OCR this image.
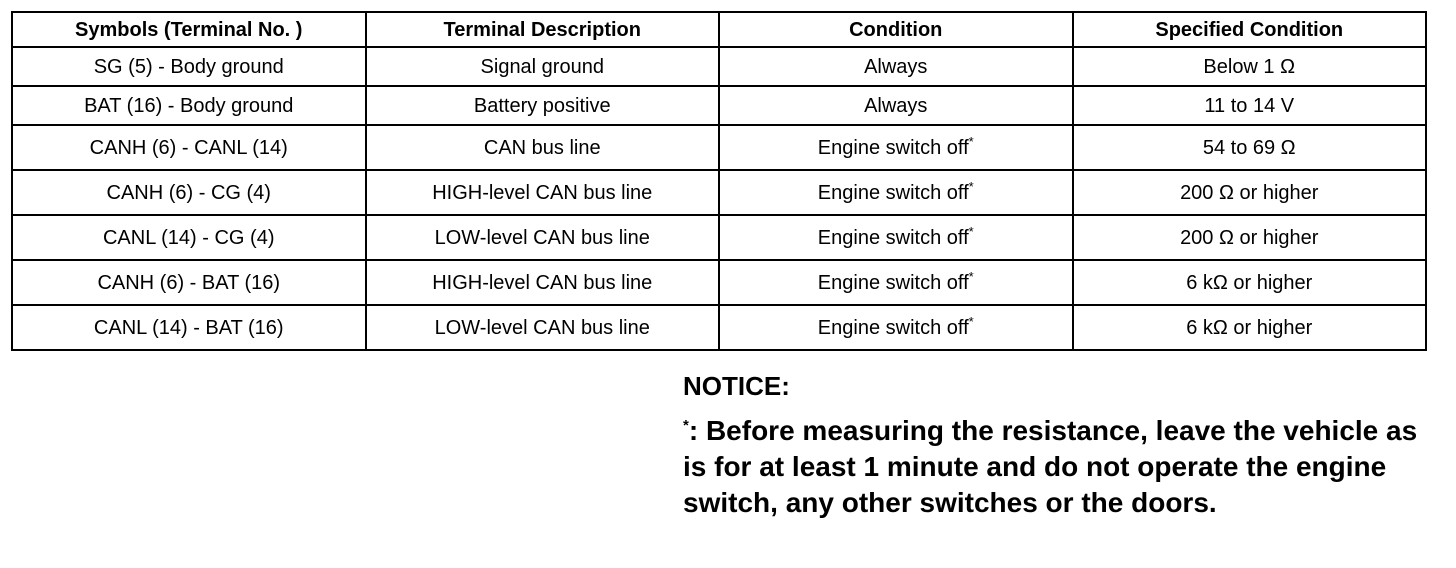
Symbols (Terminal No. )	Terminal Description	Condition	Specified Condition
SG (5) - Body ground	Signal ground	Always	Below 1 Ω
BAT (16) - Body ground	Battery positive	Always	11 to 14 V
CANH (6) - CANL (14)	CAN bus line	Engine switch off*	54 to 69 Ω
CANH (6) - CG (4)	HIGH-level CAN bus line	Engine switch off*	200 Ω or higher
CANL (14) - CG (4)	LOW-level CAN bus line	Engine switch off*	200 Ω or higher
CANH (6) - BAT (16)	HIGH-level CAN bus line	Engine switch off*	6 kΩ or higher
CANL (14) - BAT (16)	LOW-level CAN bus line	Engine switch off*	6 kΩ or higher
NOTICE:
*: Before measuring the resistance, leave the vehicle as is for at least 1 minute and do not operate the engine switch, any other switches or the doors.
